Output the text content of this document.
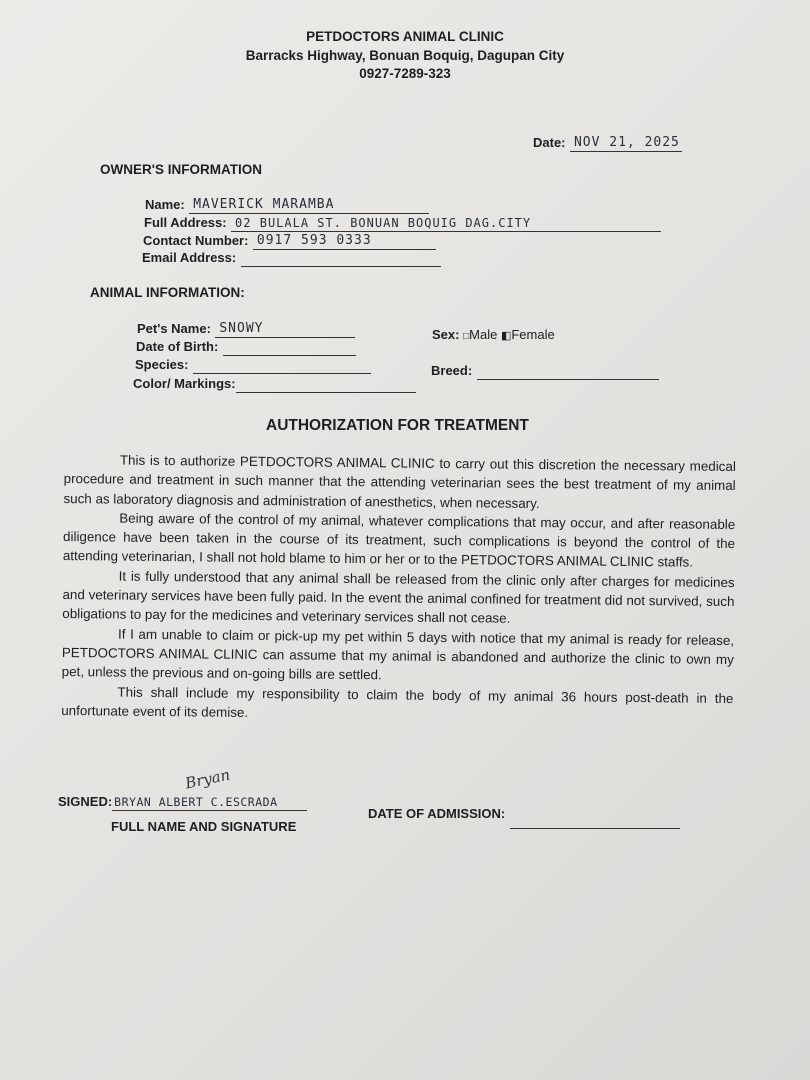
PETDOCTORS ANIMAL CLINIC
Barracks Highway, Bonuan Boquig, Dagupan City
0927-7289-323
Date: NOV 21, 2025
OWNER'S INFORMATION
Name: MAVERICK MARAMBA
Full Address: 02 BULALA ST. BONUAN BOQUIG DAG.CITY
Contact Number: 0917 593 0333
Email Address:
ANIMAL INFORMATION:
Pet's Name: SNOWY
Date of Birth:
Species:
Color/ Markings:
Sex: □Male ◧Female
Breed:
AUTHORIZATION FOR TREATMENT

This is to authorize PETDOCTORS ANIMAL CLINIC to carry out this discretion the necessary medical procedure and treatment in such manner that the attending veterinarian sees the best treatment of my animal such as laboratory diagnosis and administration of anesthetics, when necessary.

Being aware of the control of my animal, whatever complications that may occur, and after reasonable diligence have been taken in the course of its treatment, such complications is beyond the control of the attending veterinarian, I shall not hold blame to him or her or to the PETDOCTORS ANIMAL CLINIC staffs.

It is fully understood that any animal shall be released from the clinic only after charges for medicines and veterinary services have been fully paid. In the event the animal confined for treatment did not survived, such obligations to pay for the medicines and veterinary services shall not cease.

If I am unable to claim or pick-up my pet within 5 days with notice that my animal is ready for release, PETDOCTORS ANIMAL CLINIC can assume that my animal is abandoned and authorize the clinic to own my pet, unless the previous and on-going bills are settled.

This shall include my responsibility to claim the body of my animal 36 hours post-death in the unfortunate event of its demise.

Bryan
SIGNED: BRYAN ALBERT C.ESCRADA
FULL NAME AND SIGNATURE
DATE OF ADMISSION:
